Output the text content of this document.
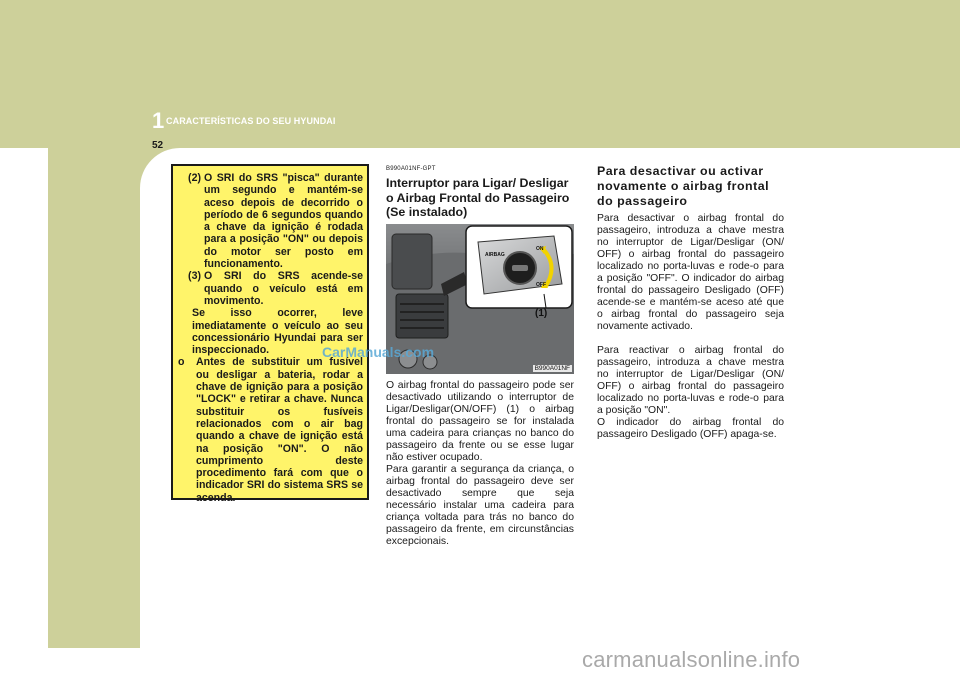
1 CARACTERÍSTICAS DO SEU HYUNDAI
52
(2) O SRI do SRS "pisca" durante um segundo e mantém-se aceso depois de decorrido o período de 6 segundos quando a chave da ignição é rodada para a posição "ON" ou depois do motor ser posto em funcionamento.
(3) O SRI do SRS acende-se quando o veículo está em movimento.
Se isso ocorrer, leve imediatamente o veículo ao seu concessionário Hyundai para ser inspeccionado.
o	Antes de substituir um fusível ou desligar a bateria, rodar a chave de ignição para a posição "LOCK" e retirar a chave. Nunca substituir os fusíveis relacionados com o air bag quando a chave de ignição está na posição "ON". O não cumprimento deste procedimento fará com que o indicador SRI do sistema SRS se acenda.
B990A01NF-GPT
Interruptor para Ligar/ Desligar o Airbag Frontal do Passageiro (Se instalado)
AIRBAG
ON
OFF
(1)
B990A01NF

O airbag frontal do passageiro pode ser desactivado utilizando o interruptor de Ligar/Desligar(ON/OFF) (1) o airbag frontal do passageiro se for instalada uma cadeira para crianças no banco do passageiro da frente ou se esse lugar não estiver ocupado.

Para garantir a segurança da criança, o airbag frontal do passageiro deve ser desactivado sempre que seja necessário instalar uma cadeira para criança voltada para trás no banco do passageiro da frente, em circunstâncias excepcionais.

Para desactivar ou activar novamente o airbag frontal do passageiro

Para desactivar o airbag frontal do passageiro, introduza a chave mestra no interruptor de Ligar/Desligar (ON/ OFF) o airbag frontal do passageiro localizado no porta-luvas e rode-o para a posição "OFF". O indicador do airbag frontal do passageiro Desligado (OFF) acende-se e mantém-se aceso até que o airbag frontal do passageiro seja novamente activado.

Para reactivar o airbag frontal do passageiro, introduza a chave mestra no interruptor de Ligar/Desligar (ON/ OFF) o airbag frontal do passageiro localizado no porta-luvas e rode-o para a posição "ON".

O indicador do airbag frontal do passageiro Desligado (OFF) apaga-se.

CarManuals.com
carmanualsonline.info
